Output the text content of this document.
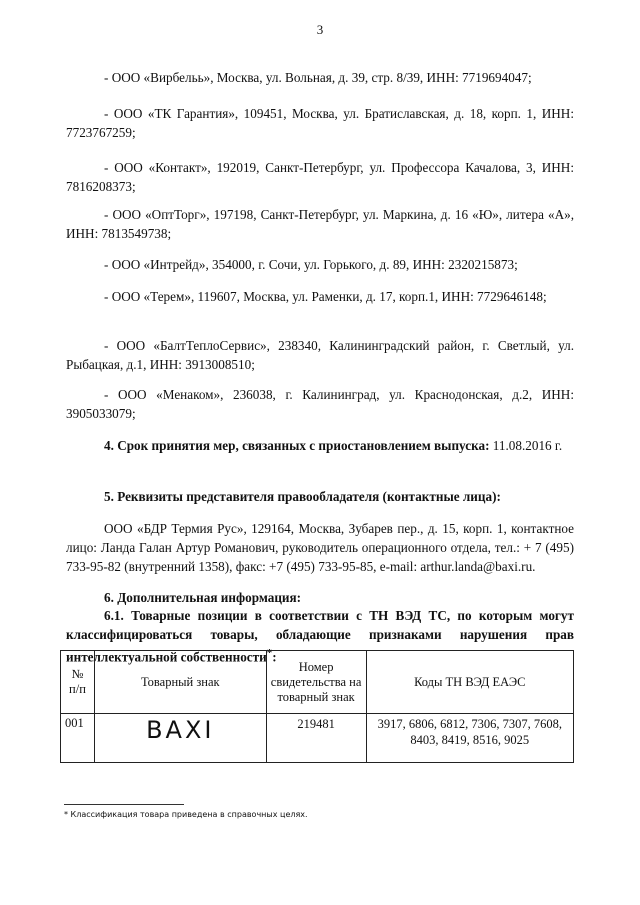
3
- ООО «Вирбельь», Москва, ул. Вольная, д. 39, стр. 8/39, ИНН: 7719694047;
- ООО «ТК Гарантия», 109451, Москва, ул. Братиславская, д. 18, корп. 1, ИНН: 7723767259;
- ООО «Контакт», 192019, Санкт-Петербург, ул. Профессора Качалова, 3, ИНН: 7816208373;
- ООО «ОптТорг», 197198, Санкт-Петербург, ул. Маркина, д. 16 «Ю», литера «А», ИНН: 7813549738;
- ООО «Интрейд», 354000, г. Сочи, ул. Горького, д. 89, ИНН: 2320215873;
- ООО «Терем», 119607, Москва, ул. Раменки, д. 17, корп.1, ИНН: 7729646148;
- ООО «БалтТеплоСервис», 238340, Калининградский район, г. Светлый, ул. Рыбацкая, д.1, ИНН: 3913008510;
- ООО «Менаком», 236038, г. Калининград, ул. Краснодонская, д.2, ИНН: 3905033079;
4. Срок принятия мер, связанных с приостановлением выпуска: 11.08.2016 г.
5. Реквизиты представителя правообладателя (контактные лица):
ООО «БДР Термия Рус», 129164, Москва, Зубарев пер., д. 15, корп. 1, контактное лицо: Ланда Галан Артур Романович, руководитель операционного отдела, тел.: + 7 (495) 733-95-82 (внутренний 1358), факс: +7 (495) 733-95-85, e-mail: arthur.landa@baxi.ru.
6. Дополнительная информация:
6.1. Товарные позиции в соответствии с ТН ВЭД ТС, по которым могут классифицироваться товары, обладающие признаками нарушения прав интеллектуальной собственности*:
№ п/п	Товарный знак	Номер свидетельства на товарный знак	Коды ТН ВЭД ЕАЭС
001	BAXI	219481	3917, 6806, 6812, 7306, 7307, 7608, 8403, 8419, 8516, 9025
* Классификация товара приведена в справочных целях.
